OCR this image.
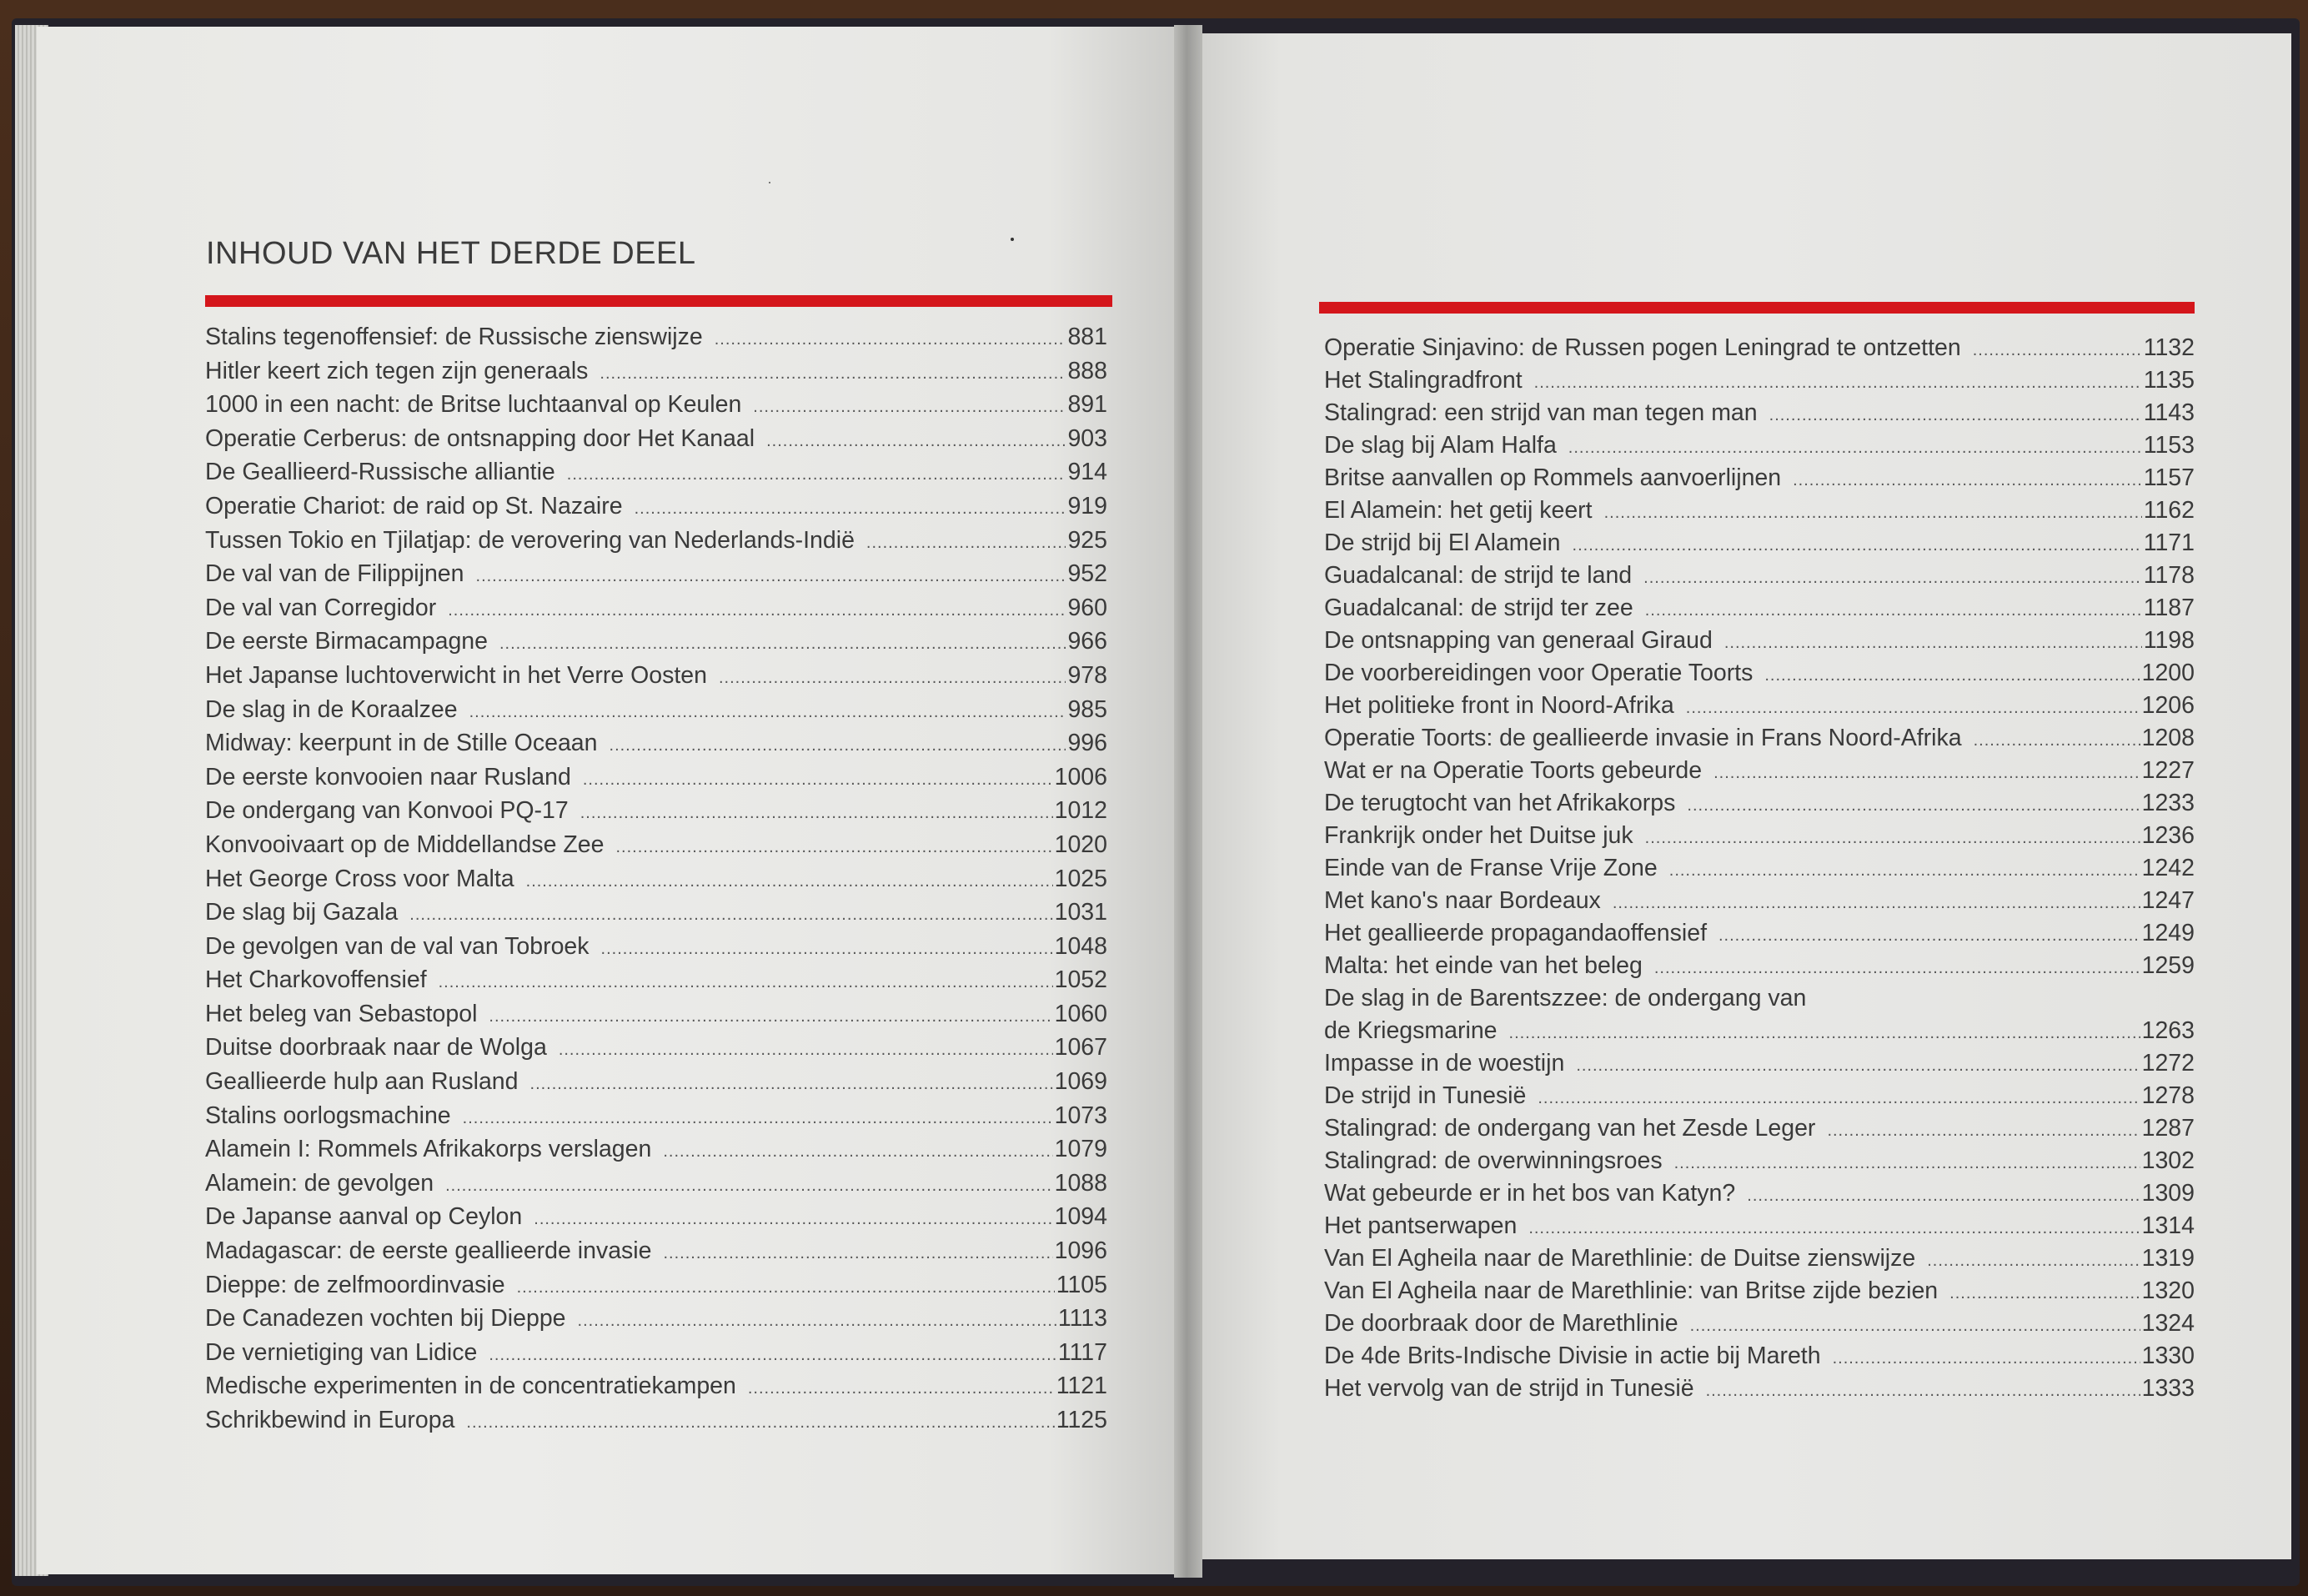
INHOUD VAN HET DERDE DEEL
Stalins tegenoffensief: de Russische zienswijze .....	881
Hitler keert zich tegen zijn generaals .....	888
1000 in een nacht: de Britse luchtaanval op Keulen .....	891
Operatie Cerberus: de ontsnapping door Het Kanaal .....	903
De Geallieerd-Russische alliantie .....	914
Operatie Chariot: de raid op St. Nazaire .....	919
Tussen Tokio en Tjilatjap: de verovering van Nederlands-Indië .....	925
De val van de Filippijnen .....	952
De val van Corregidor .....	960
De eerste Birmacampagne .....	966
Het Japanse luchtoverwicht in het Verre Oosten .....	978
De slag in de Koraalzee .....	985
Midway: keerpunt in de Stille Oceaan .....	996
De eerste konvooien naar Rusland .....	1006
De ondergang van Konvooi PQ-17 .....	1012
Konvooivaart op de Middellandse Zee .....	1020
Het George Cross voor Malta .....	1025
De slag bij Gazala .....	1031
De gevolgen van de val van Tobroek .....	1048
Het Charkovoffensief .....	1052
Het beleg van Sebastopol .....	1060
Duitse doorbraak naar de Wolga .....	1067
Geallieerde hulp aan Rusland .....	1069
Stalins oorlogsmachine .....	1073
Alamein I: Rommels Afrikakorps verslagen .....	1079
Alamein: de gevolgen .....	1088
De Japanse aanval op Ceylon .....	1094
Madagascar: de eerste geallieerde invasie .....	1096
Dieppe: de zelfmoordinvasie .....	1105
De Canadezen vochten bij Dieppe .....	1113
De vernietiging van Lidice .....	1117
Medische experimenten in de concentratiekampen .....	1121
Schrikbewind in Europa .....	1125
Operatie Sinjavino: de Russen pogen Leningrad te ontzetten .....	1132
Het Stalingradfront .....	1135
Stalingrad: een strijd van man tegen man .....	1143
De slag bij Alam Halfa .....	1153
Britse aanvallen op Rommels aanvoerlijnen .....	1157
El Alamein: het getij keert .....	1162
De strijd bij El Alamein .....	1171
Guadalcanal: de strijd te land .....	1178
Guadalcanal: de strijd ter zee .....	1187
De ontsnapping van generaal Giraud .....	1198
De voorbereidingen voor Operatie Toorts .....	1200
Het politieke front in Noord-Afrika .....	1206
Operatie Toorts: de geallieerde invasie in Frans Noord-Afrika .....	1208
Wat er na Operatie Toorts gebeurde .....	1227
De terugtocht van het Afrikakorps .....	1233
Frankrijk onder het Duitse juk .....	1236
Einde van de Franse Vrije Zone .....	1242
Met kano's naar Bordeaux .....	1247
Het geallieerde propagandaoffensief .....	1249
Malta: het einde van het beleg .....	1259
De slag in de Barentszzee: de ondergang van
de Kriegsmarine .....	1263
Impasse in de woestijn .....	1272
De strijd in Tunesië .....	1278
Stalingrad: de ondergang van het Zesde Leger .....	1287
Stalingrad: de overwinningsroes .....	1302
Wat gebeurde er in het bos van Katyn? .....	1309
Het pantserwapen .....	1314
Van El Agheila naar de Marethlinie: de Duitse zienswijze .....	1319
Van El Agheila naar de Marethlinie: van Britse zijde bezien .....	1320
De doorbraak door de Marethlinie .....	1324
De 4de Brits-Indische Divisie in actie bij Mareth .....	1330
Het vervolg van de strijd in Tunesië .....	1333
